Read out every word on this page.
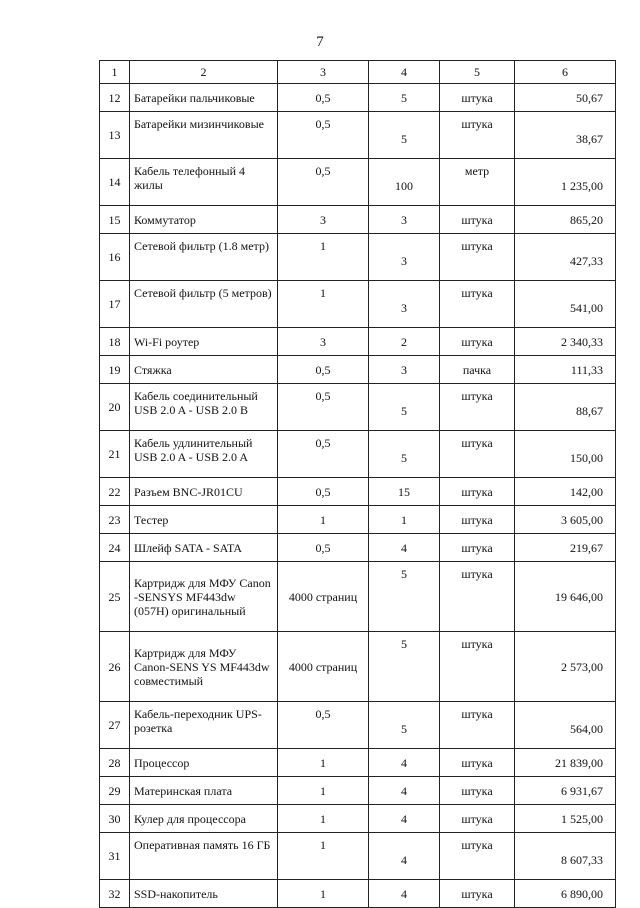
7
1	2	3	4	5	6
12	Батарейки пальчиковые	0,5	5	штука	50,67
13	Батарейки мизинчиковые	0,5	5	штука	38,67
14	Кабель телефонный 4 жилы	0,5	100	метр	1 235,00
15	Коммутатор	3	3	штука	865,20
16	Сетевой фильтр (1.8 метр)	1	3	штука	427,33
17	Сетевой фильтр (5 метров)	1	3	штука	541,00
18	Wi-Fi роутер	3	2	штука	2 340,33
19	Стяжка	0,5	3	пачка	111,33
20	Кабель соединительный USB 2.0 A - USB 2.0 B	0,5	5	штука	88,67
21	Кабель удлинительный USB 2.0 A - USB 2.0 A	0,5	5	штука	150,00
22	Разъем BNC-JR01CU	0,5	15	штука	142,00
23	Тестер	1	1	штука	3 605,00
24	Шлейф SATA - SATA	0,5	4	штука	219,67
25	Картридж для МФУ Canon -SENSYS MF443dw (057H) оригинальный	4000 страниц	5	штука	19 646,00
26	Картридж для МФУ Canon-SENS YS MF443dw совместимый	4000 страниц	5	штука	2 573,00
27	Кабель-переходник UPS-розетка	0,5	5	штука	564,00
28	Процессор	1	4	штука	21 839,00
29	Материнская плата	1	4	штука	6 931,67
30	Кулер для процессора	1	4	штука	1 525,00
31	Оперативная память 16 ГБ	1	4	штука	8 607,33
32	SSD-накопитель	1	4	штука	6 890,00
